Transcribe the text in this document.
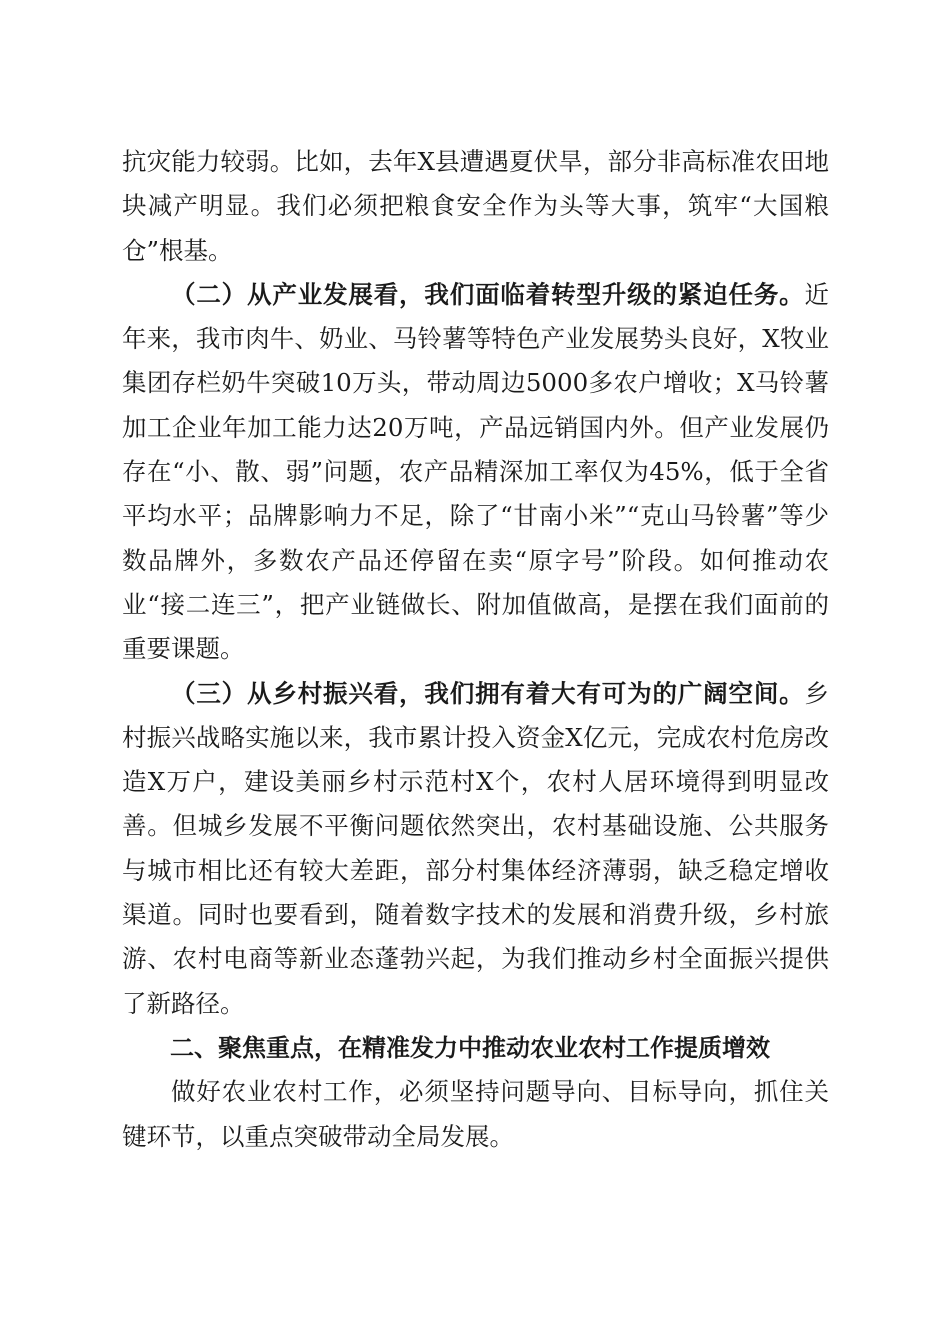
抗灾能力较弱。比如，去年X县遭遇夏伏旱，部分非高标准农田地块减产明显。我们必须把粮食安全作为头等大事，筑牢“大国粮仓”根基。

（二）从产业发展看，我们面临着转型升级的紧迫任务。近年来，我市肉牛、奶业、马铃薯等特色产业发展势头良好，X牧业集团存栏奶牛突破10万头，带动周边5000多农户增收；X马铃薯加工企业年加工能力达20万吨，产品远销国内外。但产业发展仍存在“小、散、弱”问题，农产品精深加工率仅为45%，低于全省平均水平；品牌影响力不足，除了“甘南小米”“克山马铃薯”等少数品牌外，多数农产品还停留在卖“原字号”阶段。如何推动农业“接二连三”，把产业链做长、附加值做高，是摆在我们面前的重要课题。

（三）从乡村振兴看，我们拥有着大有可为的广阔空间。乡村振兴战略实施以来，我市累计投入资金X亿元，完成农村危房改造X万户，建设美丽乡村示范村X个，农村人居环境得到明显改善。但城乡发展不平衡问题依然突出，农村基础设施、公共服务与城市相比还有较大差距，部分村集体经济薄弱，缺乏稳定增收渠道。同时也要看到，随着数字技术的发展和消费升级，乡村旅游、农村电商等新业态蓬勃兴起，为我们推动乡村全面振兴提供了新路径。

二、聚焦重点，在精准发力中推动农业农村工作提质增效

做好农业农村工作，必须坚持问题导向、目标导向，抓住关键环节，以重点突破带动全局发展。
